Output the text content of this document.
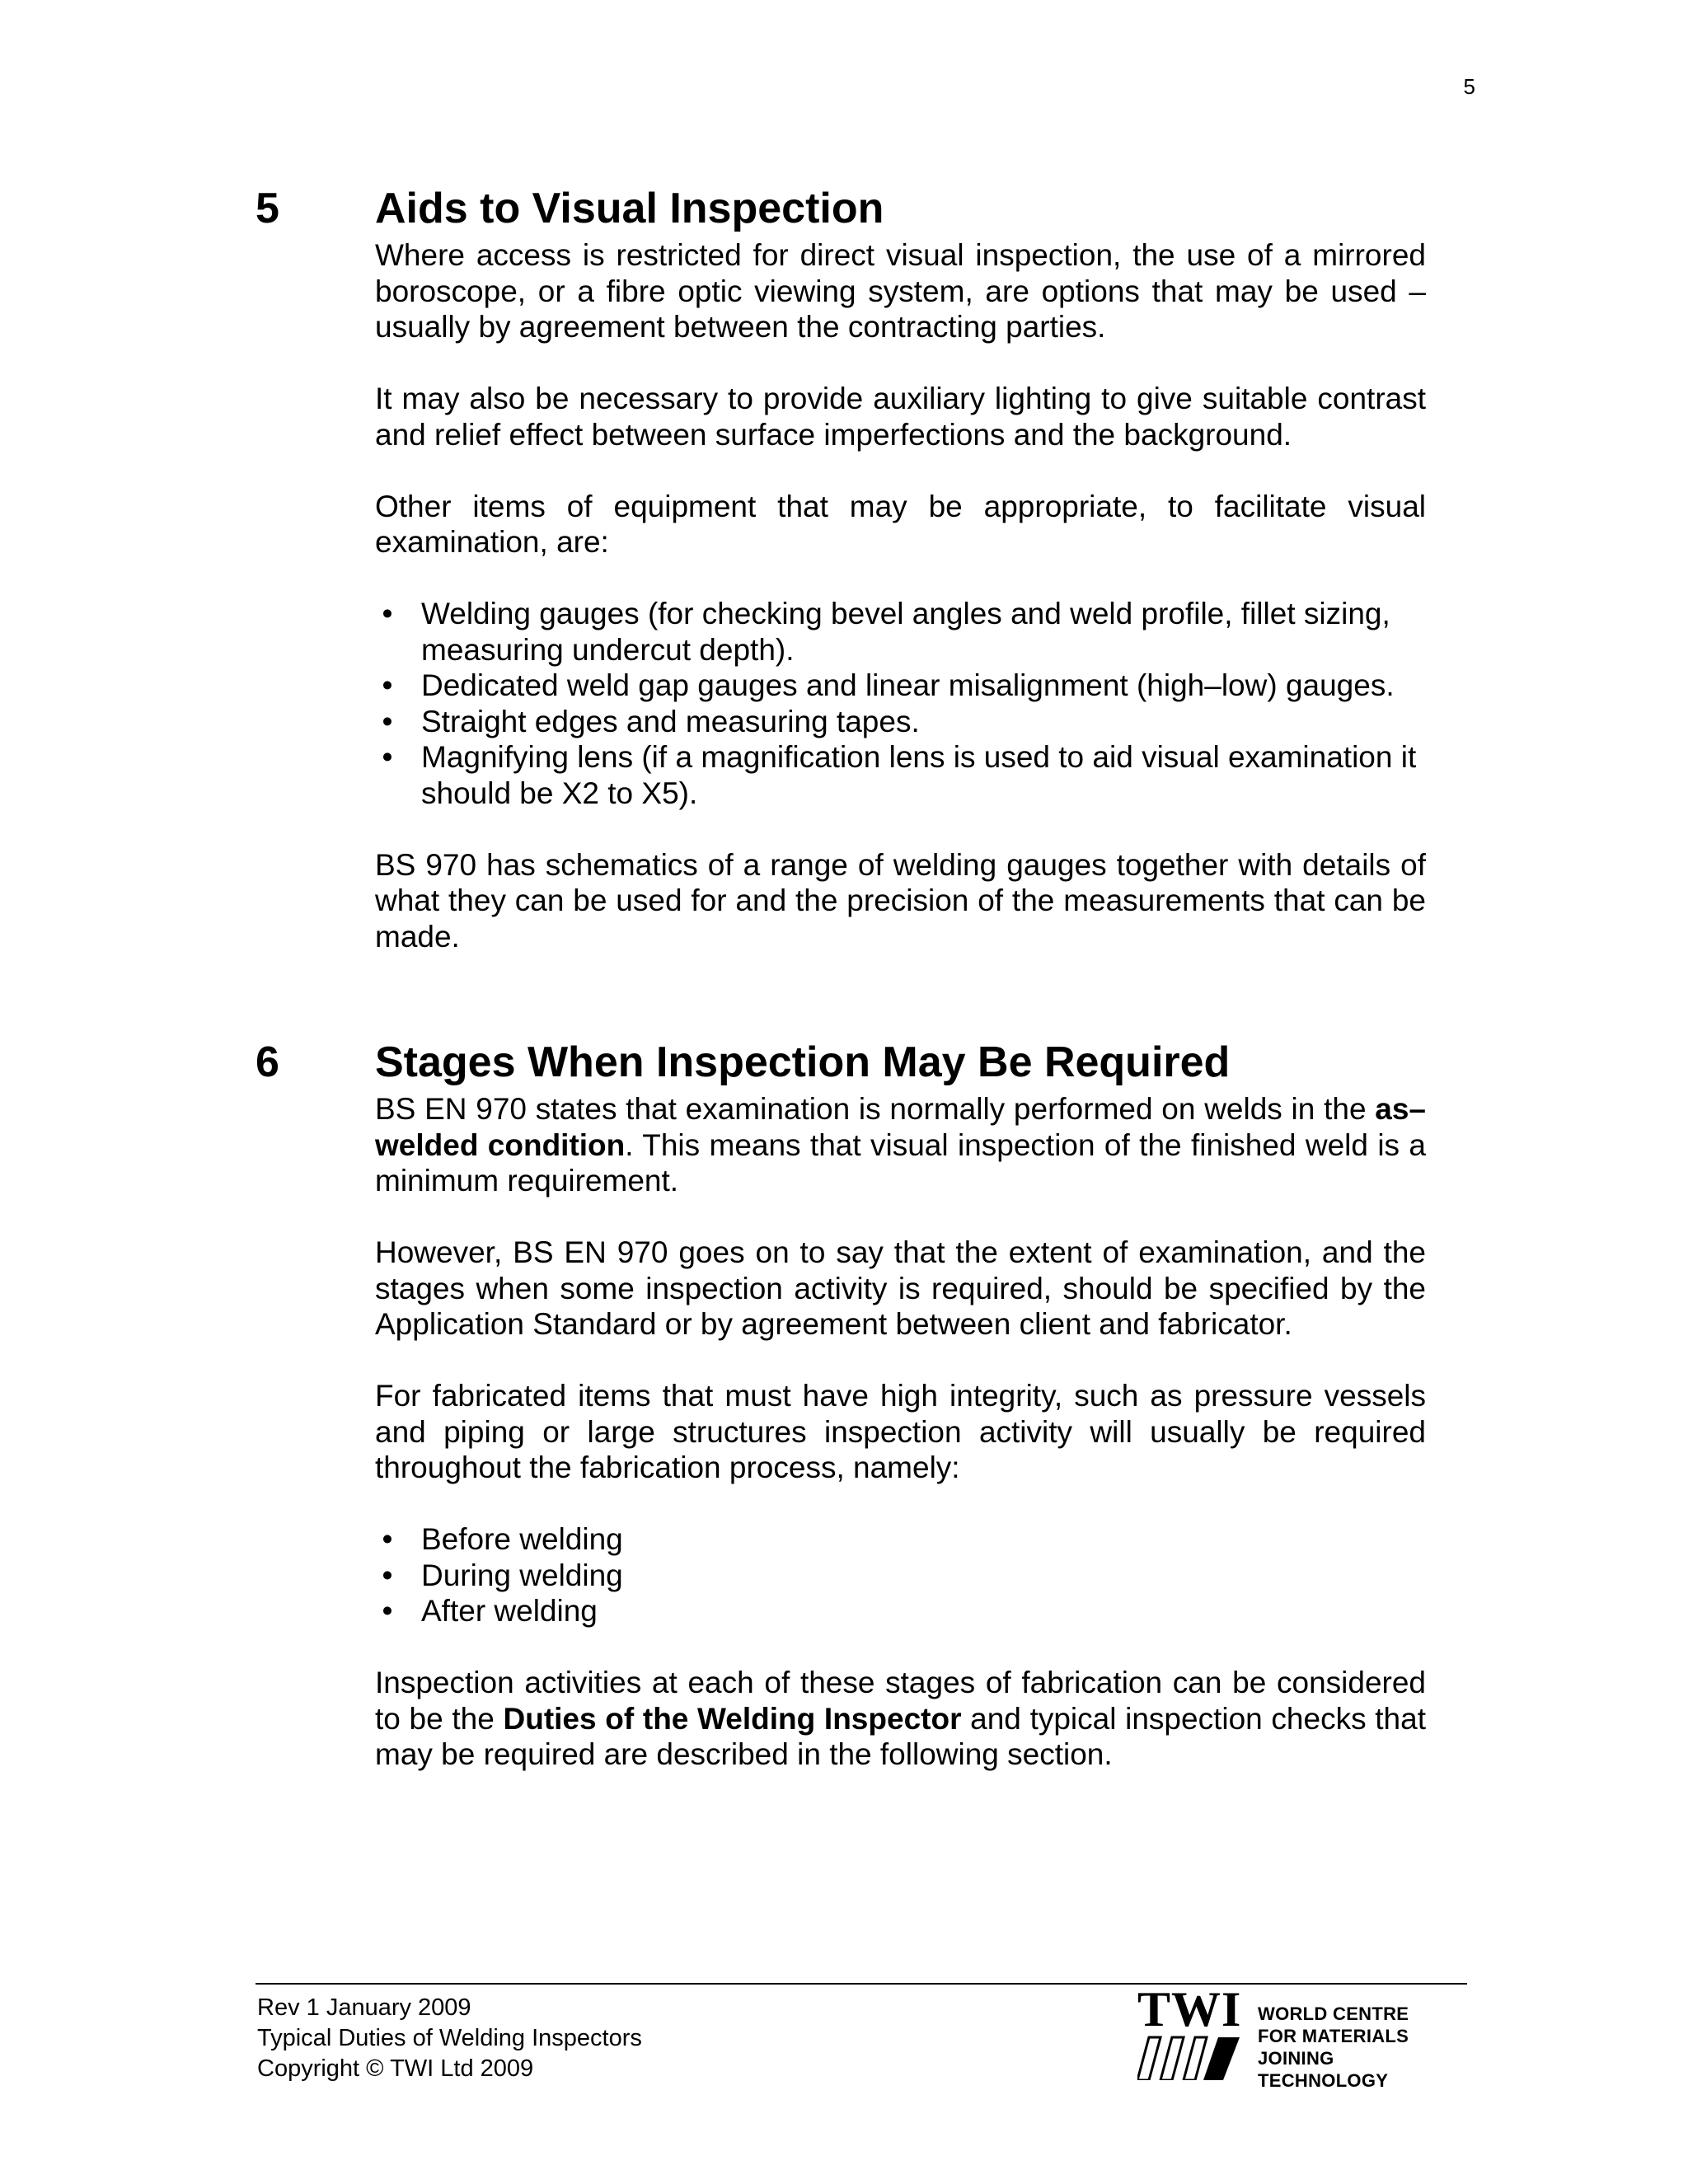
5
5	Aids to Visual Inspection

Where access is restricted for direct visual inspection, the use of a mirrored boroscope, or a fibre optic viewing system, are options that may be used – usually by agreement between the contracting parties.

It may also be necessary to provide auxiliary lighting to give suitable contrast and relief effect between surface imperfections and the background.

Other items of equipment that may be appropriate, to facilitate visual examination, are:

• Welding gauges (for checking bevel angles and weld profile, fillet sizing, measuring undercut depth).
• Dedicated weld gap gauges and linear misalignment (high–low) gauges.
• Straight edges and measuring tapes.
• Magnifying lens (if a magnification lens is used to aid visual examination it should be X2 to X5).

BS 970 has schematics of a range of welding gauges together with details of what they can be used for and the precision of the measurements that can be made.

6	Stages When Inspection May Be Required

BS EN 970 states that examination is normally performed on welds in the as–welded condition. This means that visual inspection of the finished weld is a minimum requirement.

However, BS EN 970 goes on to say that the extent of examination, and the stages when some inspection activity is required, should be specified by the Application Standard or by agreement between client and fabricator.

For fabricated items that must have high integrity, such as pressure vessels and piping or large structures inspection activity will usually be required throughout the fabrication process, namely:

• Before welding
• During welding
• After welding

Inspection activities at each of these stages of fabrication can be considered to be the Duties of the Welding Inspector and typical inspection checks that may be required are described in the following section.

Rev 1 January 2009
Typical Duties of Welding Inspectors
Copyright © TWI Ltd 2009
TWI WORLD CENTRE
FOR MATERIALS
JOINING TECHNOLOGY
